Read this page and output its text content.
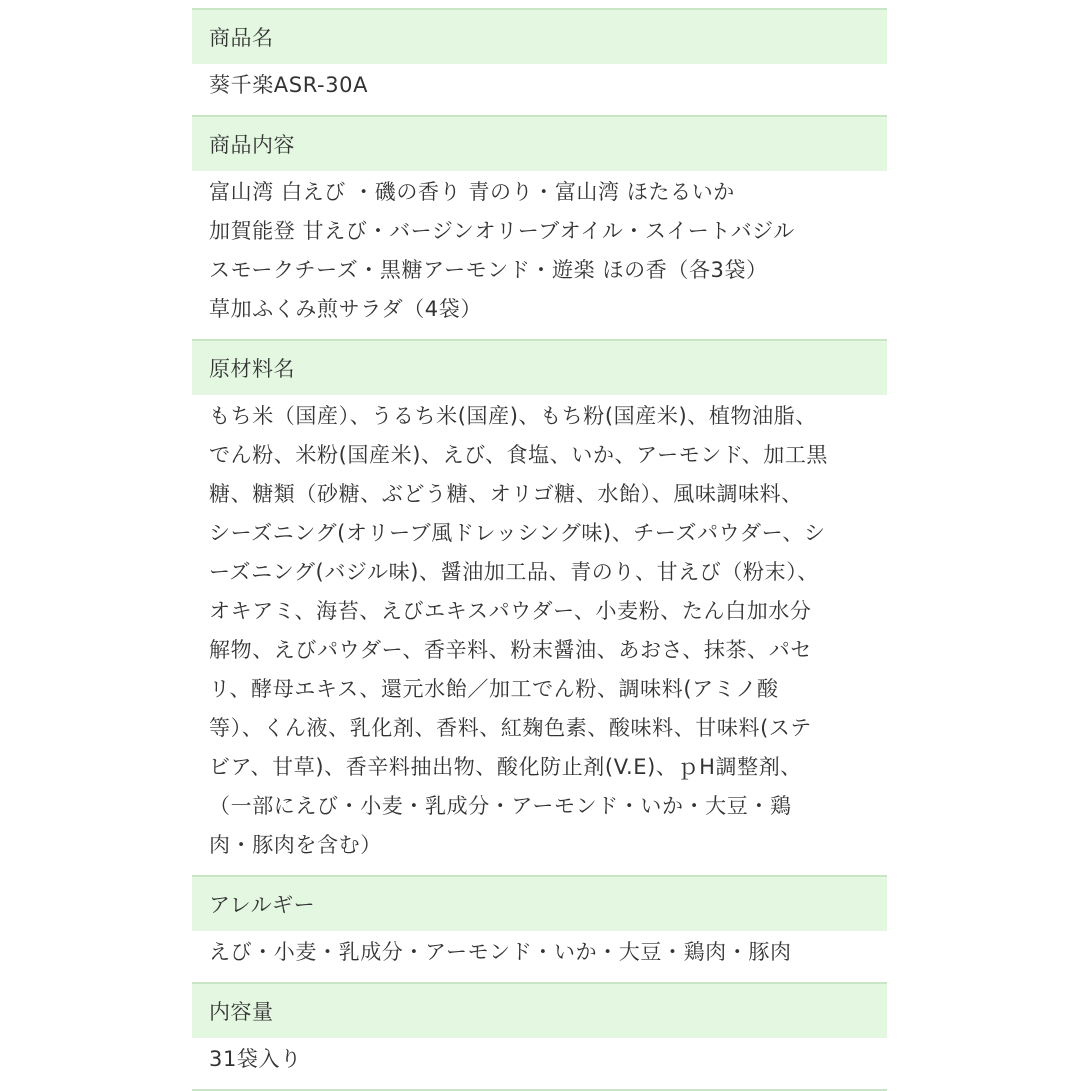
商品名
葵千楽ASR-30A
商品内容
富山湾 白えび ・磯の香り 青のり・富山湾 ほたるいか
加賀能登 甘えび・バージンオリーブオイル・スイートバジル
スモークチーズ・黒糖アーモンド・遊楽 ほの香（各3袋）
草加ふくみ煎サラダ（4袋）
原材料名
もち米（国産）、うるち米(国産)、もち粉(国産米)、植物油脂、
でん粉、米粉(国産米)、えび、食塩、いか、アーモンド、加工黒
糖、糖類（砂糖、ぶどう糖、オリゴ糖、水飴）、風味調味料、
シーズニング(オリーブ風ドレッシング味)、チーズパウダー、シ
ーズニング(バジル味)、醤油加工品、青のり、甘えび（粉末）、
オキアミ、海苔、えびエキスパウダー、小麦粉、たん白加水分
解物、えびパウダー、香辛料、粉末醤油、あおさ、抹茶、パセ
リ、酵母エキス、還元水飴／加工でん粉、調味料(アミノ酸
等）、くん液、乳化剤、香料、紅麹色素、酸味料、甘味料(ステ
ビア、甘草)、香辛料抽出物、酸化防止剤(V.E)、ｐH調整剤、
（一部にえび・小麦・乳成分・アーモンド・いか・大豆・鶏
肉・豚肉を含む）
アレルギー
えび・小麦・乳成分・アーモンド・いか・大豆・鶏肉・豚肉
内容量
31袋入り
